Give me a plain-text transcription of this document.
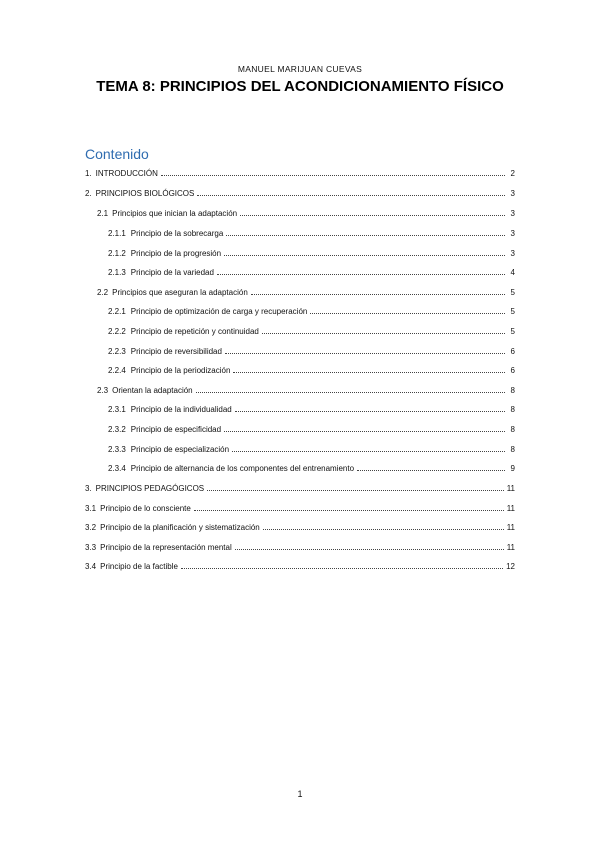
MANUEL MARIJUAN CUEVAS
TEMA 8: PRINCIPIOS DEL ACONDICIONAMIENTO FÍSICO
Contenido
1. INTRODUCCIÓN	2
2. PRINCIPIOS BIOLÓGICOS	3
2.1 Principios que inician la adaptación	3
2.1.1 Principio de la sobrecarga	3
2.1.2 Principio de la progresión	3
2.1.3 Principio de la variedad	4
2.2 Principios que aseguran la adaptación	5
2.2.1 Principio de optimización de carga y recuperación	5
2.2.2 Principio de repetición y continuidad	5
2.2.3 Principio de reversibilidad	6
2.2.4 Principio de la periodización	6
2.3 Orientan la adaptación	8
2.3.1 Principio de la individualidad	8
2.3.2 Principio de especificidad	8
2.3.3 Principio de especialización	8
2.3.4 Principio de alternancia de los componentes del entrenamiento	9
3. PRINCIPIOS PEDAGÓGICOS	11
3.1 Principio de lo consciente	11
3.2 Principio de la planificación y sistematización	11
3.3 Principio de la representación mental	11
3.4 Principio de la factible	12
1
